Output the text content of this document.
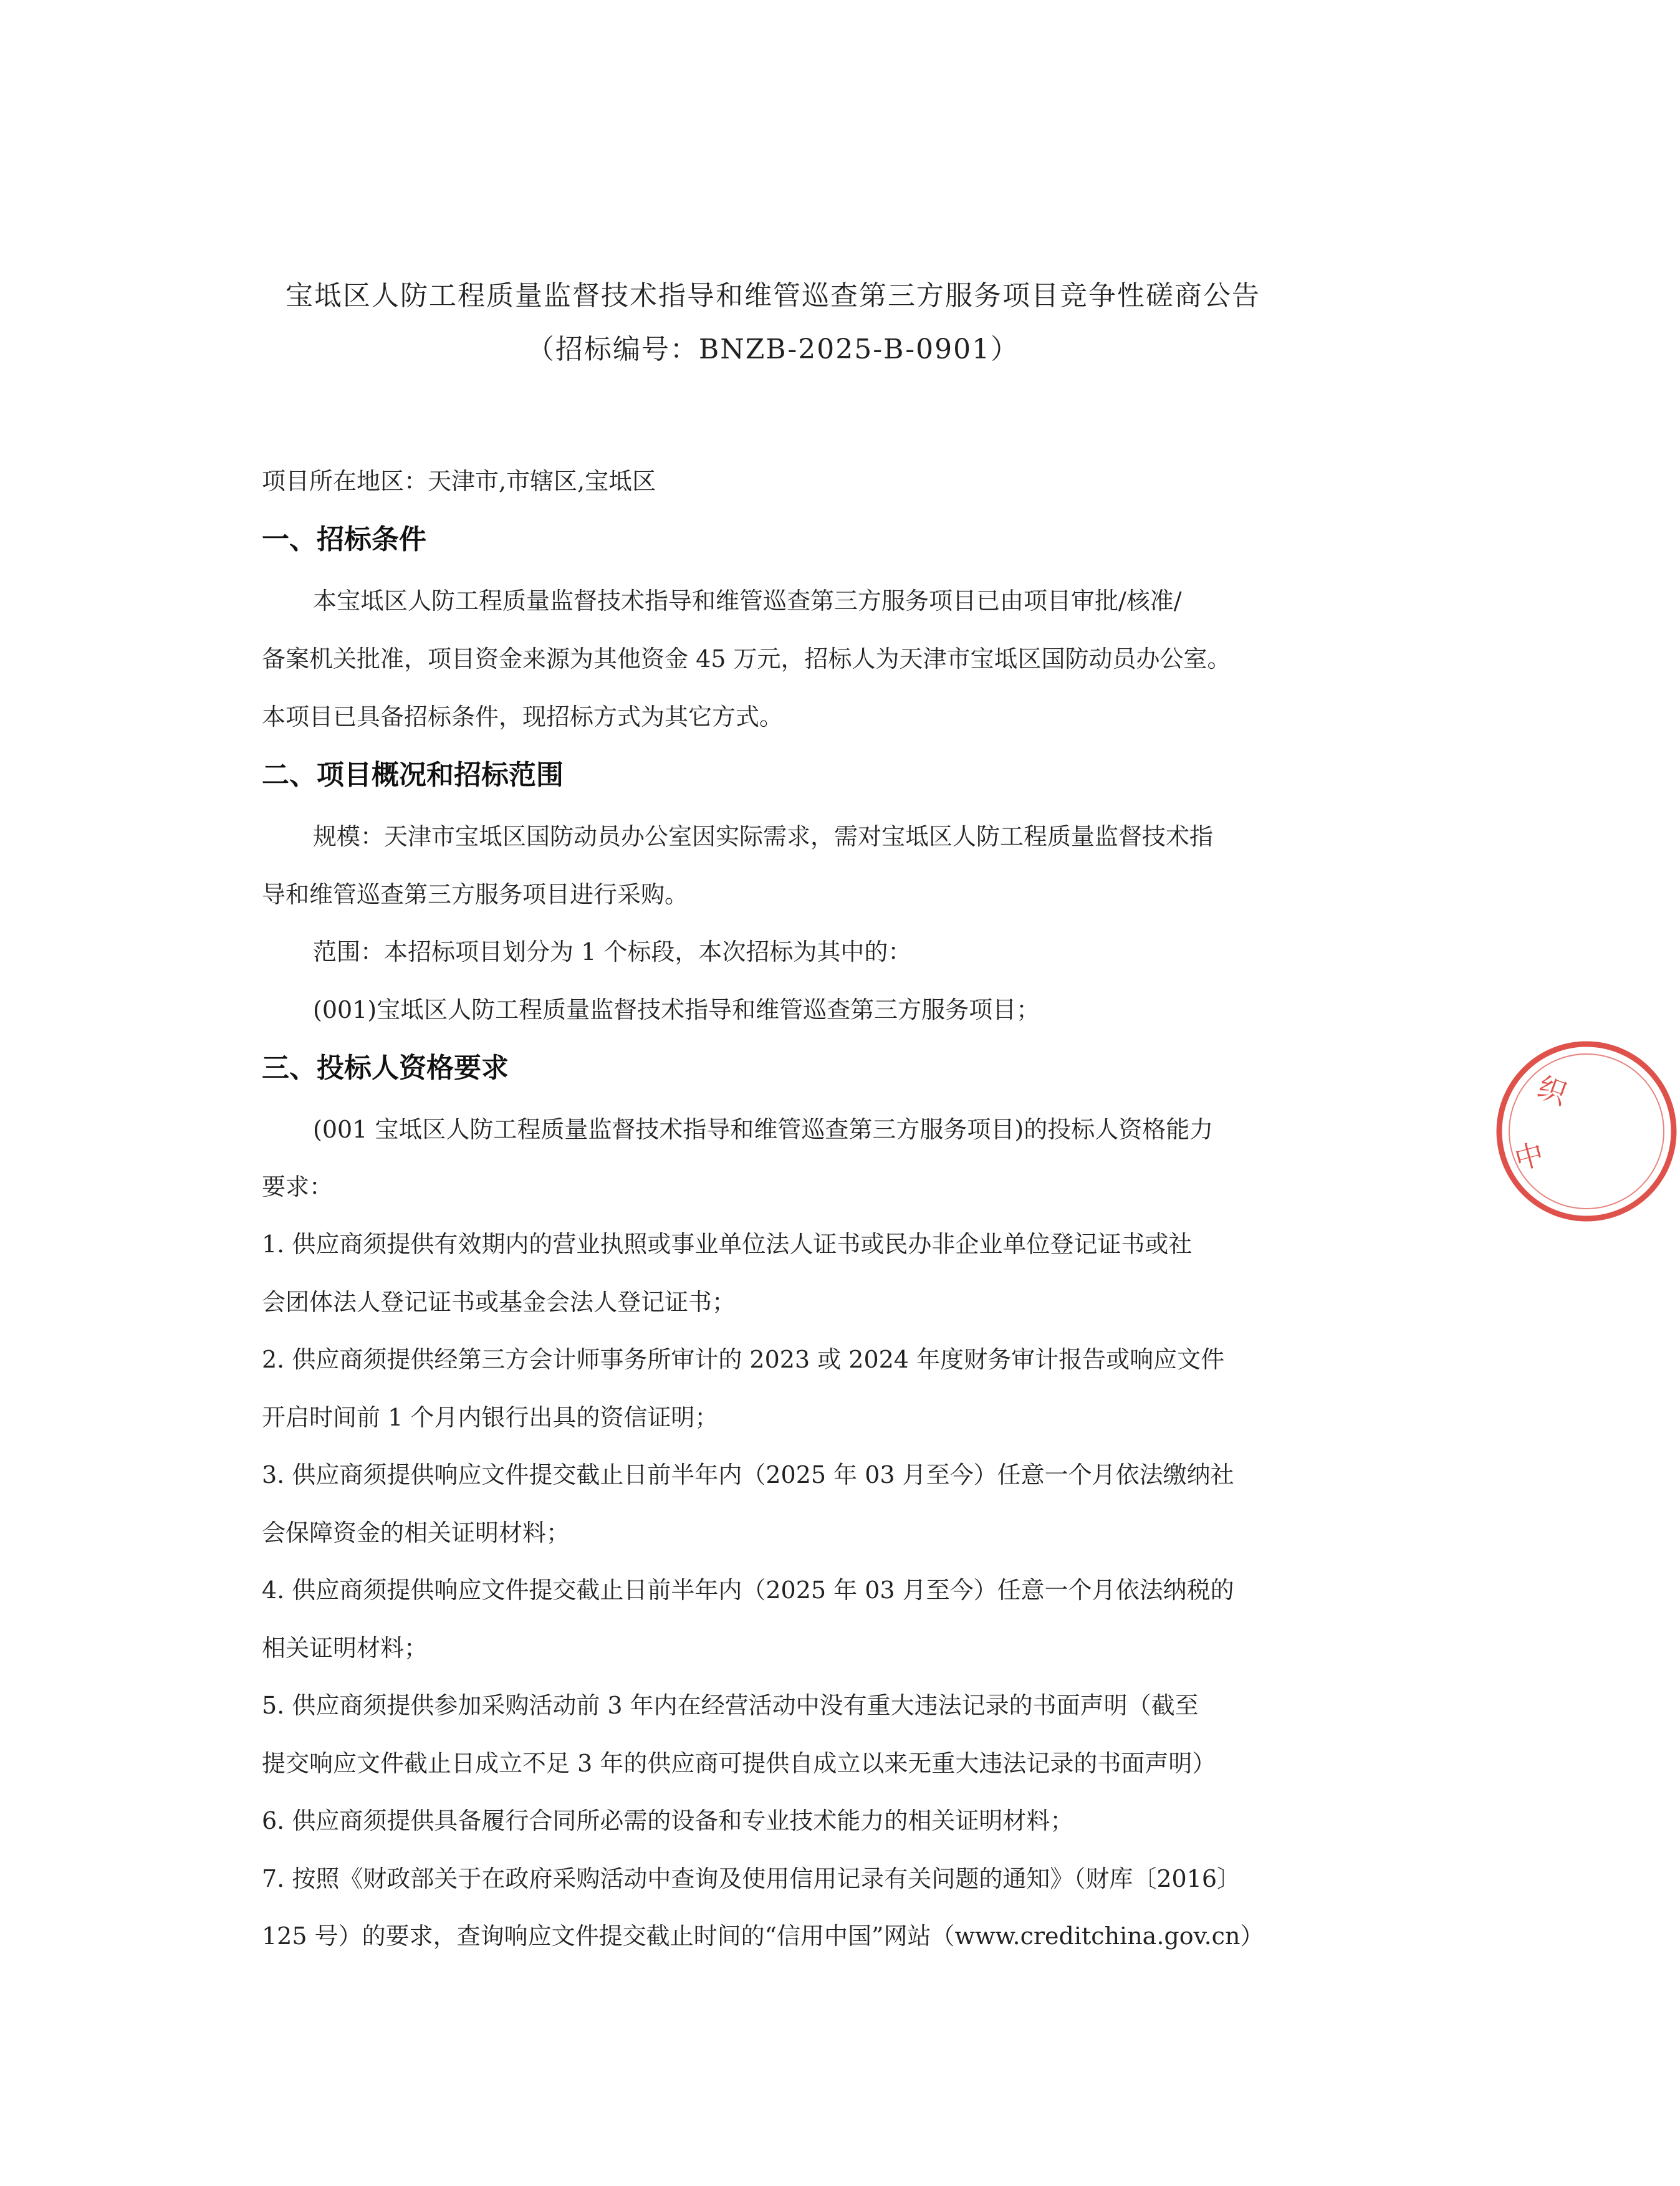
宝坻区人防工程质量监督技术指导和维管巡查第三方服务项目竞争性磋商公告
（招标编号：BNZB-2025-B-0901）
项目所在地区：天津市,市辖区,宝坻区
一、招标条件
本宝坻区人防工程质量监督技术指导和维管巡查第三方服务项目已由项目审批/核准/
备案机关批准，项目资金来源为其他资金 45 万元，招标人为天津市宝坻区国防动员办公室。
本项目已具备招标条件，现招标方式为其它方式。
二、项目概况和招标范围
规模：天津市宝坻区国防动员办公室因实际需求，需对宝坻区人防工程质量监督技术指
导和维管巡查第三方服务项目进行采购。
范围：本招标项目划分为 1 个标段，本次招标为其中的：
(001)宝坻区人防工程质量监督技术指导和维管巡查第三方服务项目；
三、投标人资格要求
(001 宝坻区人防工程质量监督技术指导和维管巡查第三方服务项目)的投标人资格能力
要求：
1. 供应商须提供有效期内的营业执照或事业单位法人证书或民办非企业单位登记证书或社
会团体法人登记证书或基金会法人登记证书；
2. 供应商须提供经第三方会计师事务所审计的 2023 或 2024 年度财务审计报告或响应文件
开启时间前 1 个月内银行出具的资信证明；
3. 供应商须提供响应文件提交截止日前半年内（2025 年 03 月至今）任意一个月依法缴纳社
会保障资金的相关证明材料；
4. 供应商须提供响应文件提交截止日前半年内（2025 年 03 月至今）任意一个月依法纳税的
相关证明材料；
5. 供应商须提供参加采购活动前 3 年内在经营活动中没有重大违法记录的书面声明（截至
提交响应文件截止日成立不足 3 年的供应商可提供自成立以来无重大违法记录的书面声明）
6. 供应商须提供具备履行合同所必需的设备和专业技术能力的相关证明材料；
7. 按照《财政部关于在政府采购活动中查询及使用信用记录有关问题的通知》（财库〔2016〕
125 号）的要求，查询响应文件提交截止时间的“信用中国”网站（www.creditchina.gov.cn）
织
中
